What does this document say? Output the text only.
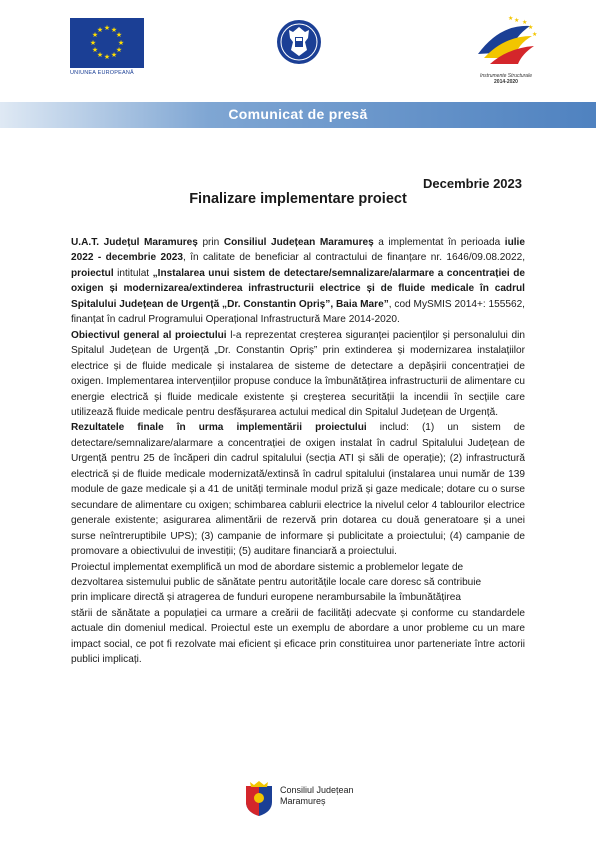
★ ★
★
★
★
★
★
★
★
★
★
★
UNIUNEA EUROPEANĂ
★ ★
★
★
★
Instrumente Structurale
2014-2020
Comunicat de presă
Decembrie 2023
Finalizare implementare proiect

U.A.T. Județul Maramureș prin Consiliul Județean Maramureș a implementat în perioada iulie 2022 - decembrie 2023, în calitate de beneficiar al contractului de finanțare nr. 1646/09.08.2022, proiectul intitulat „Instalarea unui sistem de detectare/semnalizare/alarmare a concentrației de oxigen și modernizarea/extinderea infrastructurii electrice și de fluide medicale în cadrul Spitalului Județean de Urgență „Dr. Constantin Opriș”, Baia Mare”, cod MySMIS 2014+: 155562, finanțat în cadrul Programului Operațional Infrastructură Mare 2014-2020.

Obiectivul general al proiectului l-a reprezentat creșterea siguranței pacienților și personalului din Spitalul Județean de Urgență „Dr. Constantin Opriș” prin extinderea și modernizarea instalațiilor electrice și de fluide medicale și instalarea de sisteme de detectare a depășirii concentrației de oxigen. Implementarea intervențiilor propuse conduce la îmbunătățirea infrastructurii de alimentare cu energie electrică și fluide medicale existente și creșterea securității la incendii în secțiile care utilizează fluide medicale pentru desfășurarea actului medical din Spitalul Județean de Urgență.

Rezultatele finale în urma implementării proiectului includ: (1) un sistem de detectare/semnalizare/alarmare a concentrației de oxigen instalat în cadrul Spitalului Județean de Urgență pentru 25 de încăperi din cadrul spitalului (secția ATI și săli de operație); (2) infrastructură electrică și de fluide medicale modernizată/extinsă în cadrul spitalului (instalarea unui număr de 139 module de gaze medicale și a 41 de unități terminale modul priză și gaze medicale; dotare cu o surse secundare de alimentare cu oxigen; schimbarea cablurii electrice la nivelul celor 4 tablourilor electrice generale existente; asigurarea alimentării de rezervă prin dotarea cu două generatoare și a unei surse neîntreruptibile UPS); (3) campanie de informare și publicitate a proiectului; (4) campanie de promovare a obiectivului de investiții; (5) auditare financiară a proiectului.

Proiectul implementat exemplifică un mod de abordare sistemic a problemelor legate de

dezvoltarea sistemului public de sănătate pentru autoritățile locale care doresc să contribuie

prin implicare directă și atragerea de funduri europene nerambursabile la îmbunătățirea

stării de sănătate a populației ca urmare a creării de facilități adecvate și conforme cu standardele actuale din domeniul medical. Proiectul este un exemplu de abordare a unor probleme cu un mare impact social, ce pot fi rezolvate mai eficient și eficace prin constituirea unor parteneriate între actorii publici implicați.

Consiliul Județean
Maramureș
